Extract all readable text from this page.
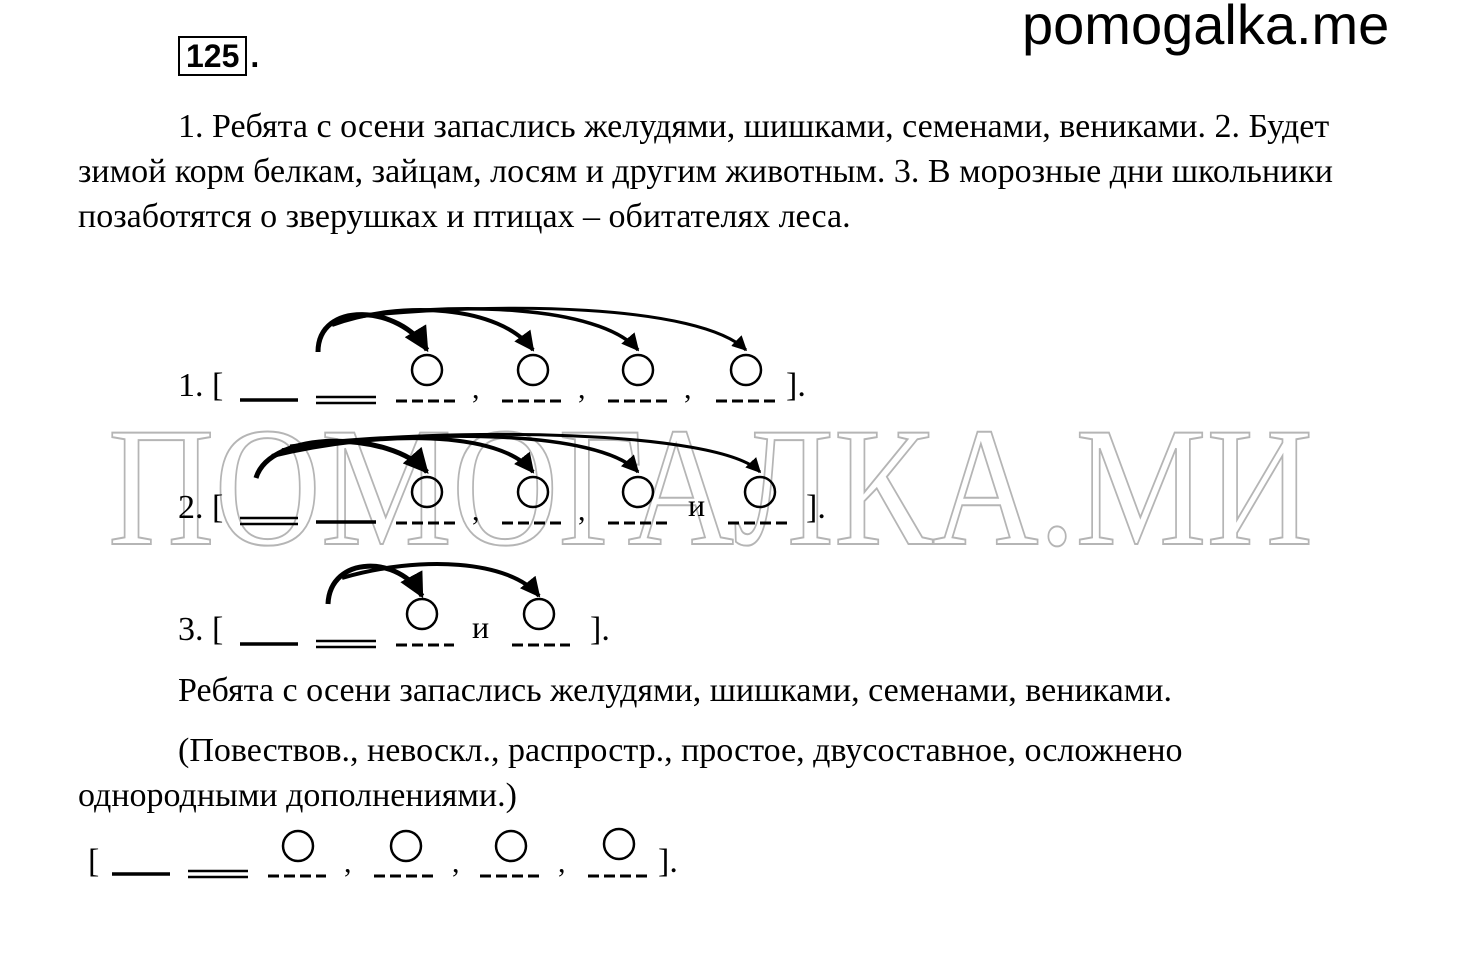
ПОМОГАЛКА.МИ
pomogalka.me
125 .

1. Ребята с осени запаслись желудями, шишками, семенами, вениками. 2. Будет зимой корм белкам, зайцам, лосям и другим животным. 3. В морозные дни школьники позаботятся о зверушках и птицах – обитателях леса.

1. [	,	,	,	].
2. [	,	,	и	].
3. [	и	].

Ребята с осени запаслись желудями, шишками, семенами, вениками.

(Повествов., невоскл., распростр., простое, двусоставное, осложнено однородными дополнениями.)

[	,	,	,	].
